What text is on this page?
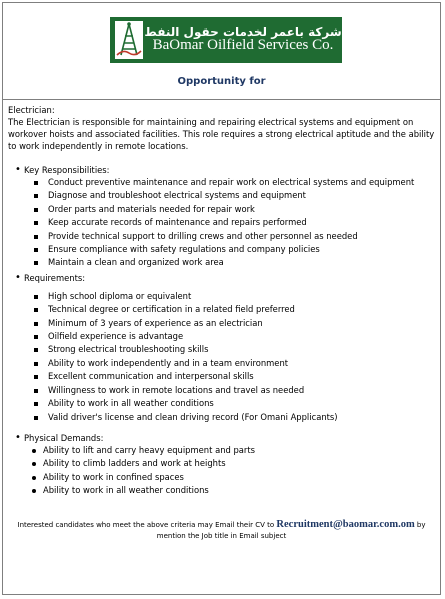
شركة باعمر لخدمات حقول النفط
BaOmar Oilfield Services Co.
Opportunity for
Electrician:
The Electrician is responsible for maintaining and repairing electrical systems and equipment on workover hoists and associated facilities. This role requires a strong electrical aptitude and the ability to work independently in remote locations.
• Key Responsibilities:
Conduct preventive maintenance and repair work on electrical systems and equipment
Diagnose and troubleshoot electrical systems and equipment
Order parts and materials needed for repair work
Keep accurate records of maintenance and repairs performed
Provide technical support to drilling crews and other personnel as needed
Ensure compliance with safety regulations and company policies
Maintain a clean and organized work area
• Requirements:
High school diploma or equivalent
Technical degree or certification in a related field preferred
Minimum of 3 years of experience as an electrician
Oilfield experience is advantage
Strong electrical troubleshooting skills
Ability to work independently and in a team environment
Excellent communication and interpersonal skills
Willingness to work in remote locations and travel as needed
Ability to work in all weather conditions
Valid driver's license and clean driving record (For Omani Applicants)
• Physical Demands:
Ability to lift and carry heavy equipment and parts
Ability to climb ladders and work at heights
Ability to work in confined spaces
Ability to work in all weather conditions
Interested candidates who meet the above criteria may Email their CV to Recruitment@baomar.com.om by mention the Job title in Email subject
